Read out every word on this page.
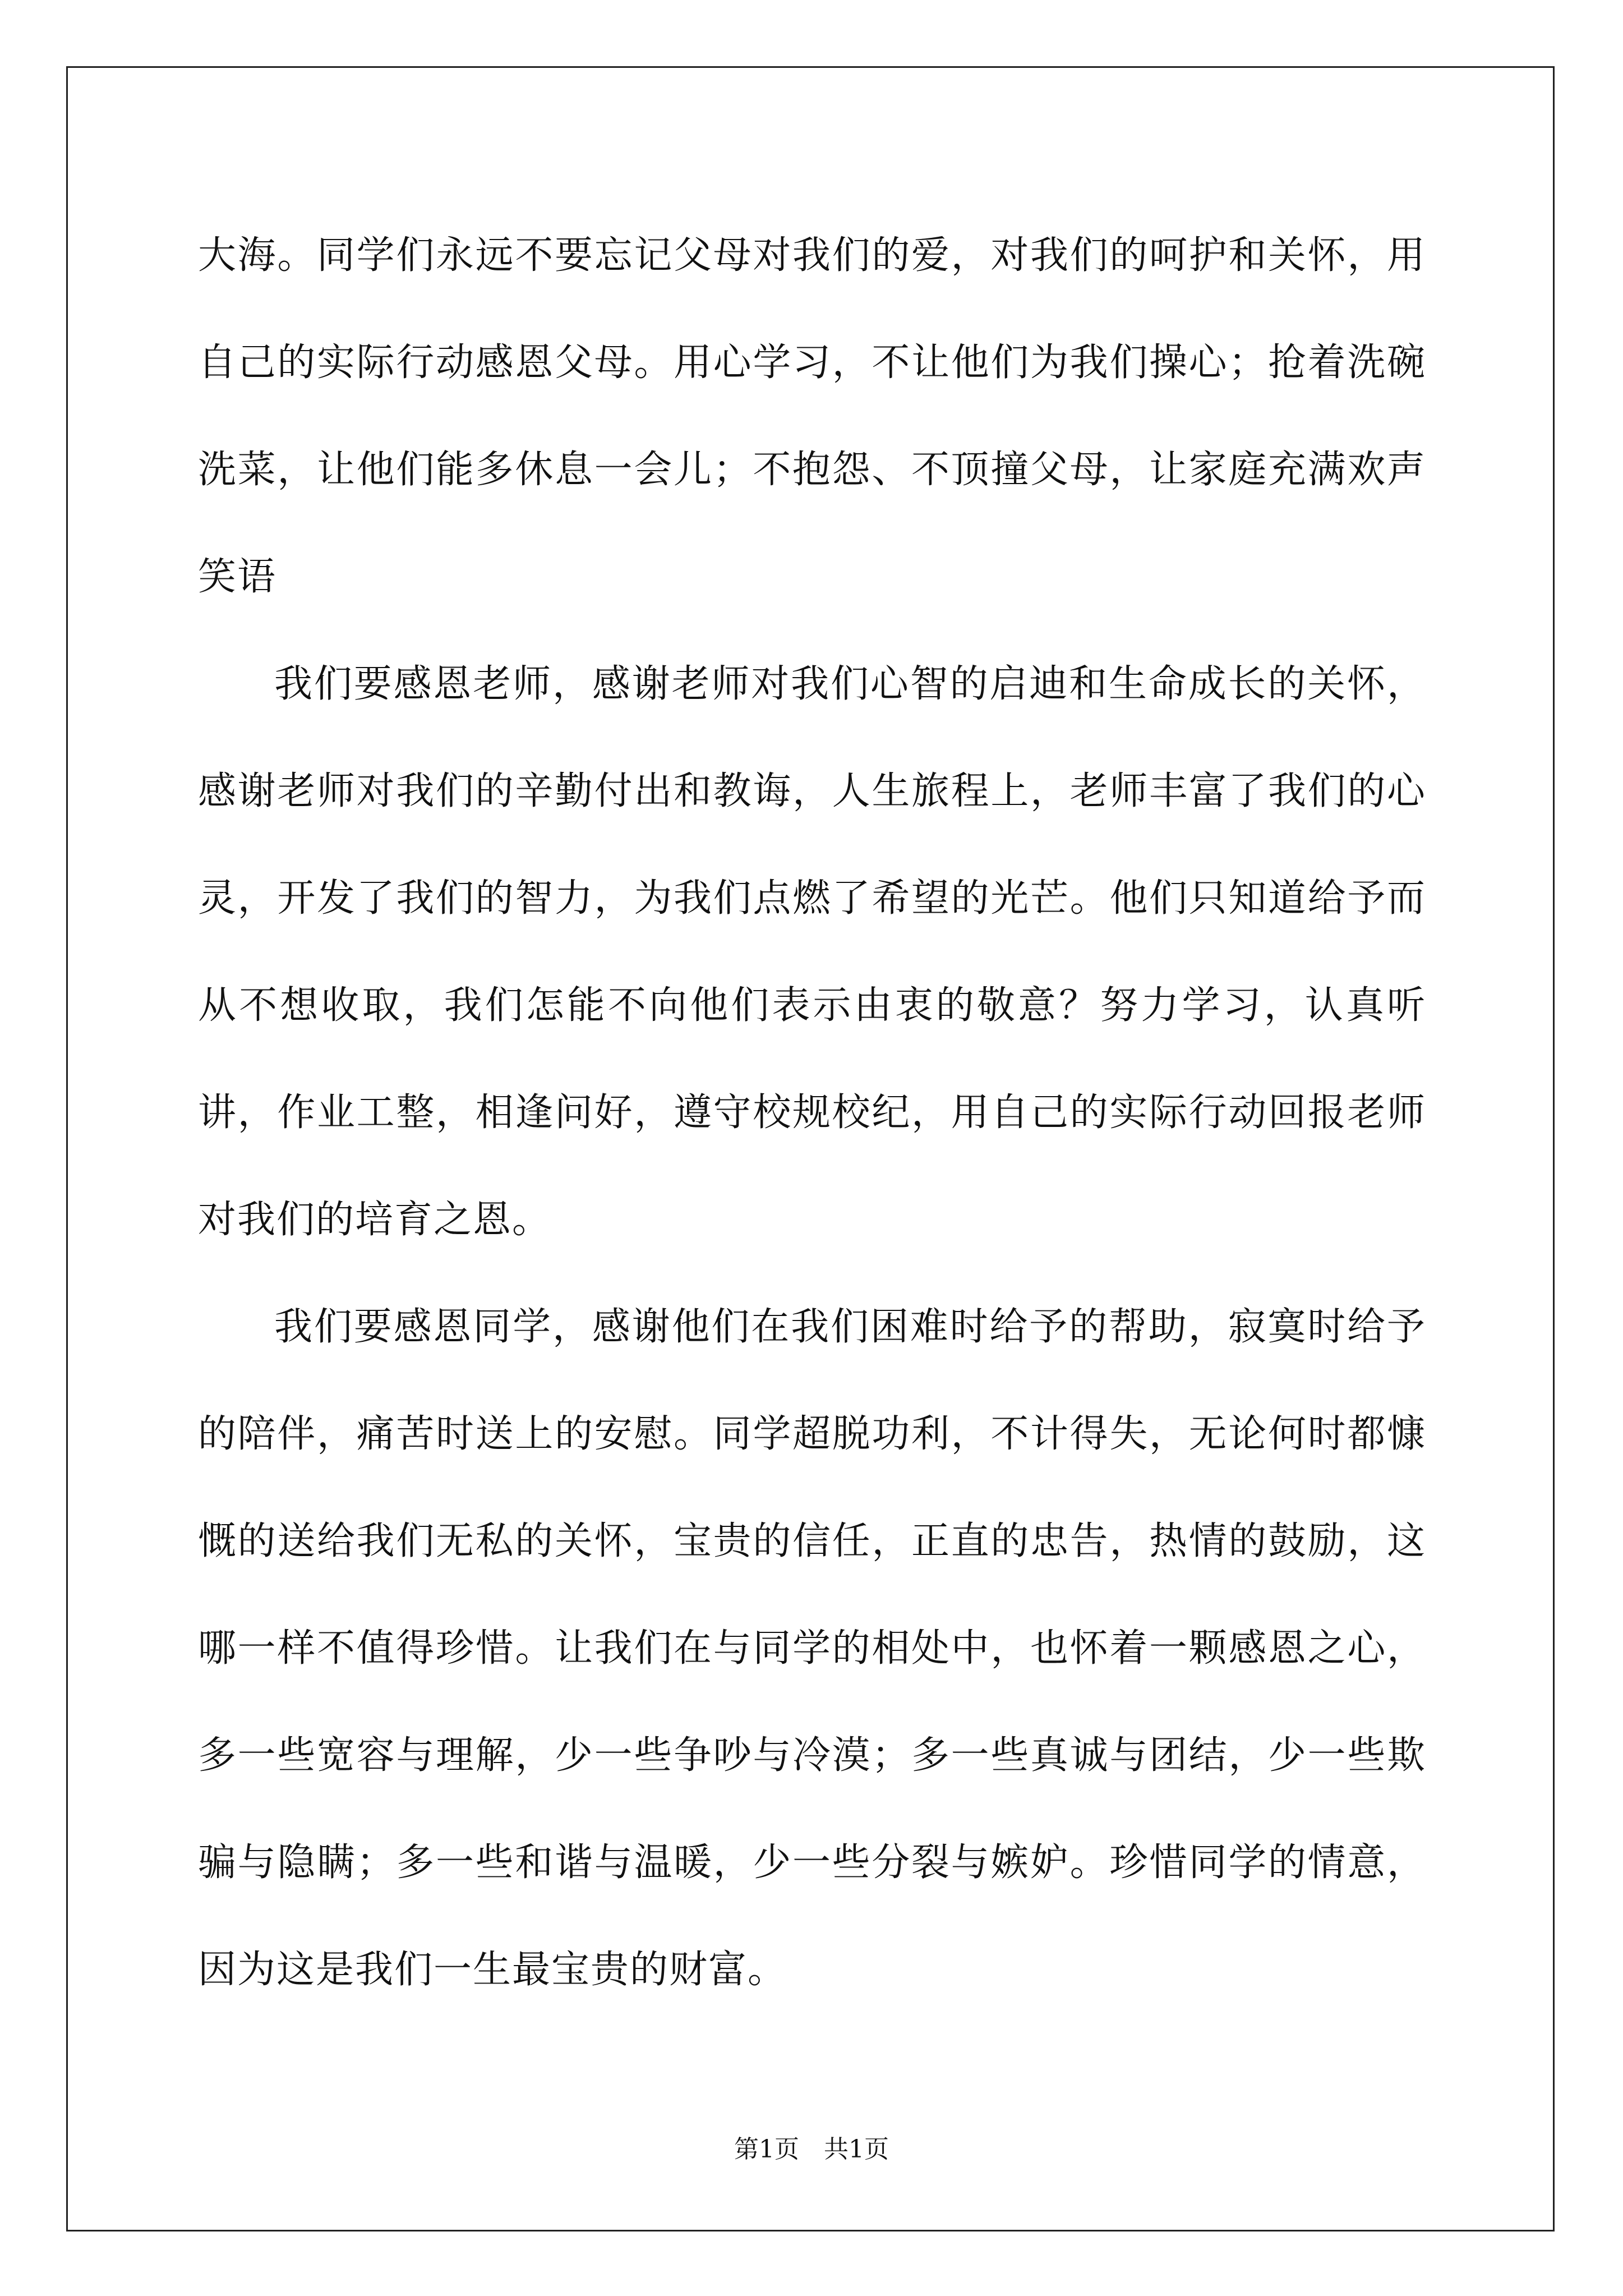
大海。同学们永远不要忘记父母对我们的爱，对我们的呵护和关怀，用自己的实际行动感恩父母。用心学习，不让他们为我们操心；抢着洗碗洗菜，让他们能多休息一会儿；不抱怨、不顶撞父母，让家庭充满欢声笑语

我们要感恩老师，感谢老师对我们心智的启迪和生命成长的关怀，感谢老师对我们的辛勤付出和教诲，人生旅程上，老师丰富了我们的心灵，开发了我们的智力，为我们点燃了希望的光芒。他们只知道给予而从不想收取，我们怎能不向他们表示由衷的敬意？努力学习，认真听讲，作业工整，相逢问好，遵守校规校纪，用自己的实际行动回报老师对我们的培育之恩。

我们要感恩同学，感谢他们在我们困难时给予的帮助，寂寞时给予的陪伴，痛苦时送上的安慰。同学超脱功利，不计得失，无论何时都慷慨的送给我们无私的关怀，宝贵的信任，正直的忠告，热情的鼓励，这哪一样不值得珍惜。让我们在与同学的相处中，也怀着一颗感恩之心，多一些宽容与理解，少一些争吵与冷漠；多一些真诚与团结，少一些欺骗与隐瞒；多一些和谐与温暖，少一些分裂与嫉妒。珍惜同学的情意，因为这是我们一生最宝贵的财富。

第1页 共1页
